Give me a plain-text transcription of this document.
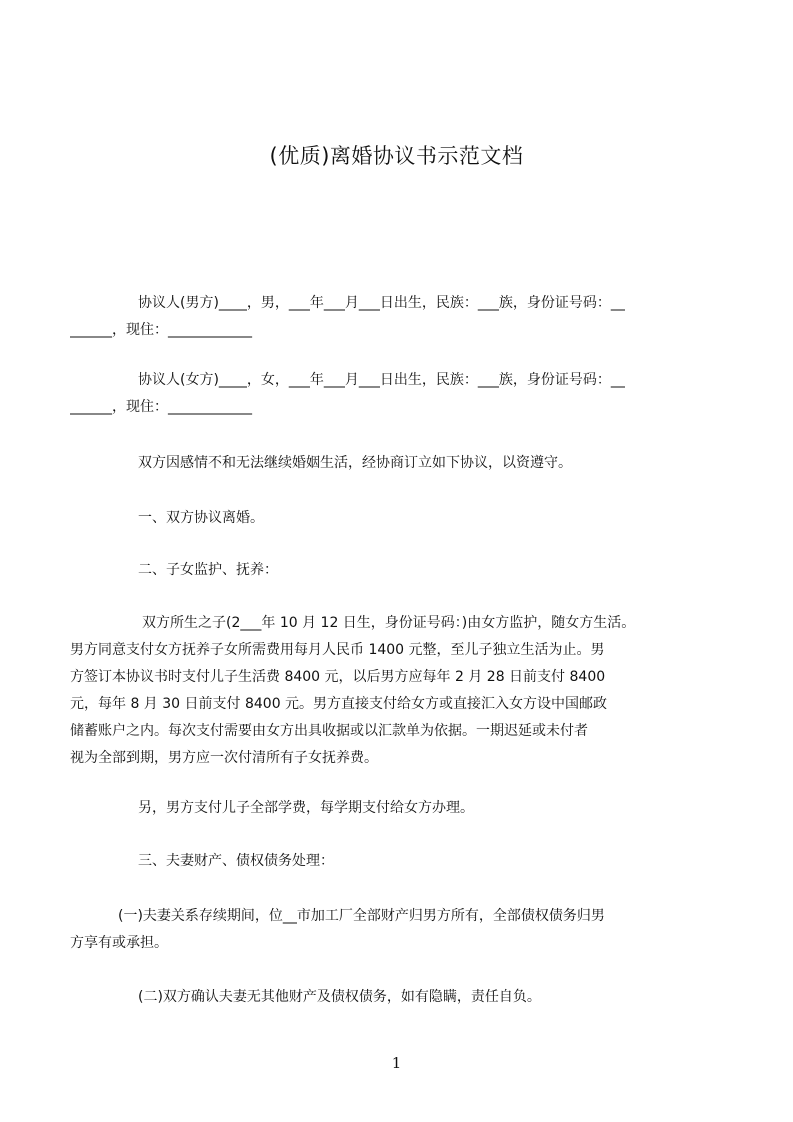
(优质)离婚协议书示范文档
协议人(男方)____，男，___年___月___日出生，民族：___族，身份证号码：__
______，现住：____________
协议人(女方)____，女，___年___月___日出生，民族：___族，身份证号码：__
______，现住：____________
双方因感情不和无法继续婚姻生活，经协商订立如下协议，以资遵守。
一、双方协议离婚。
二、子女监护、抚养：
双方所生之子(2___年 10 月 12 日生，身份证号码：)由女方监护，随女方生活。
男方同意支付女方抚养子女所需费用每月人民币 1400 元整，至儿子独立生活为止。男
方签订本协议书时支付儿子生活费 8400 元，以后男方应每年 2 月 28 日前支付 8400
元，每年 8 月 30 日前支付 8400 元。男方直接支付给女方或直接汇入女方设中国邮政
储蓄账户之内。每次支付需要由女方出具收据或以汇款单为依据。一期迟延或未付者
视为全部到期，男方应一次付清所有子女抚养费。
另，男方支付儿子全部学费，每学期支付给女方办理。
三、夫妻财产、债权债务处理：
(一)夫妻关系存续期间，位__市加工厂全部财产归男方所有，全部债权债务归男
方享有或承担。
(二)双方确认夫妻无其他财产及债权债务，如有隐瞒，责任自负。
1
